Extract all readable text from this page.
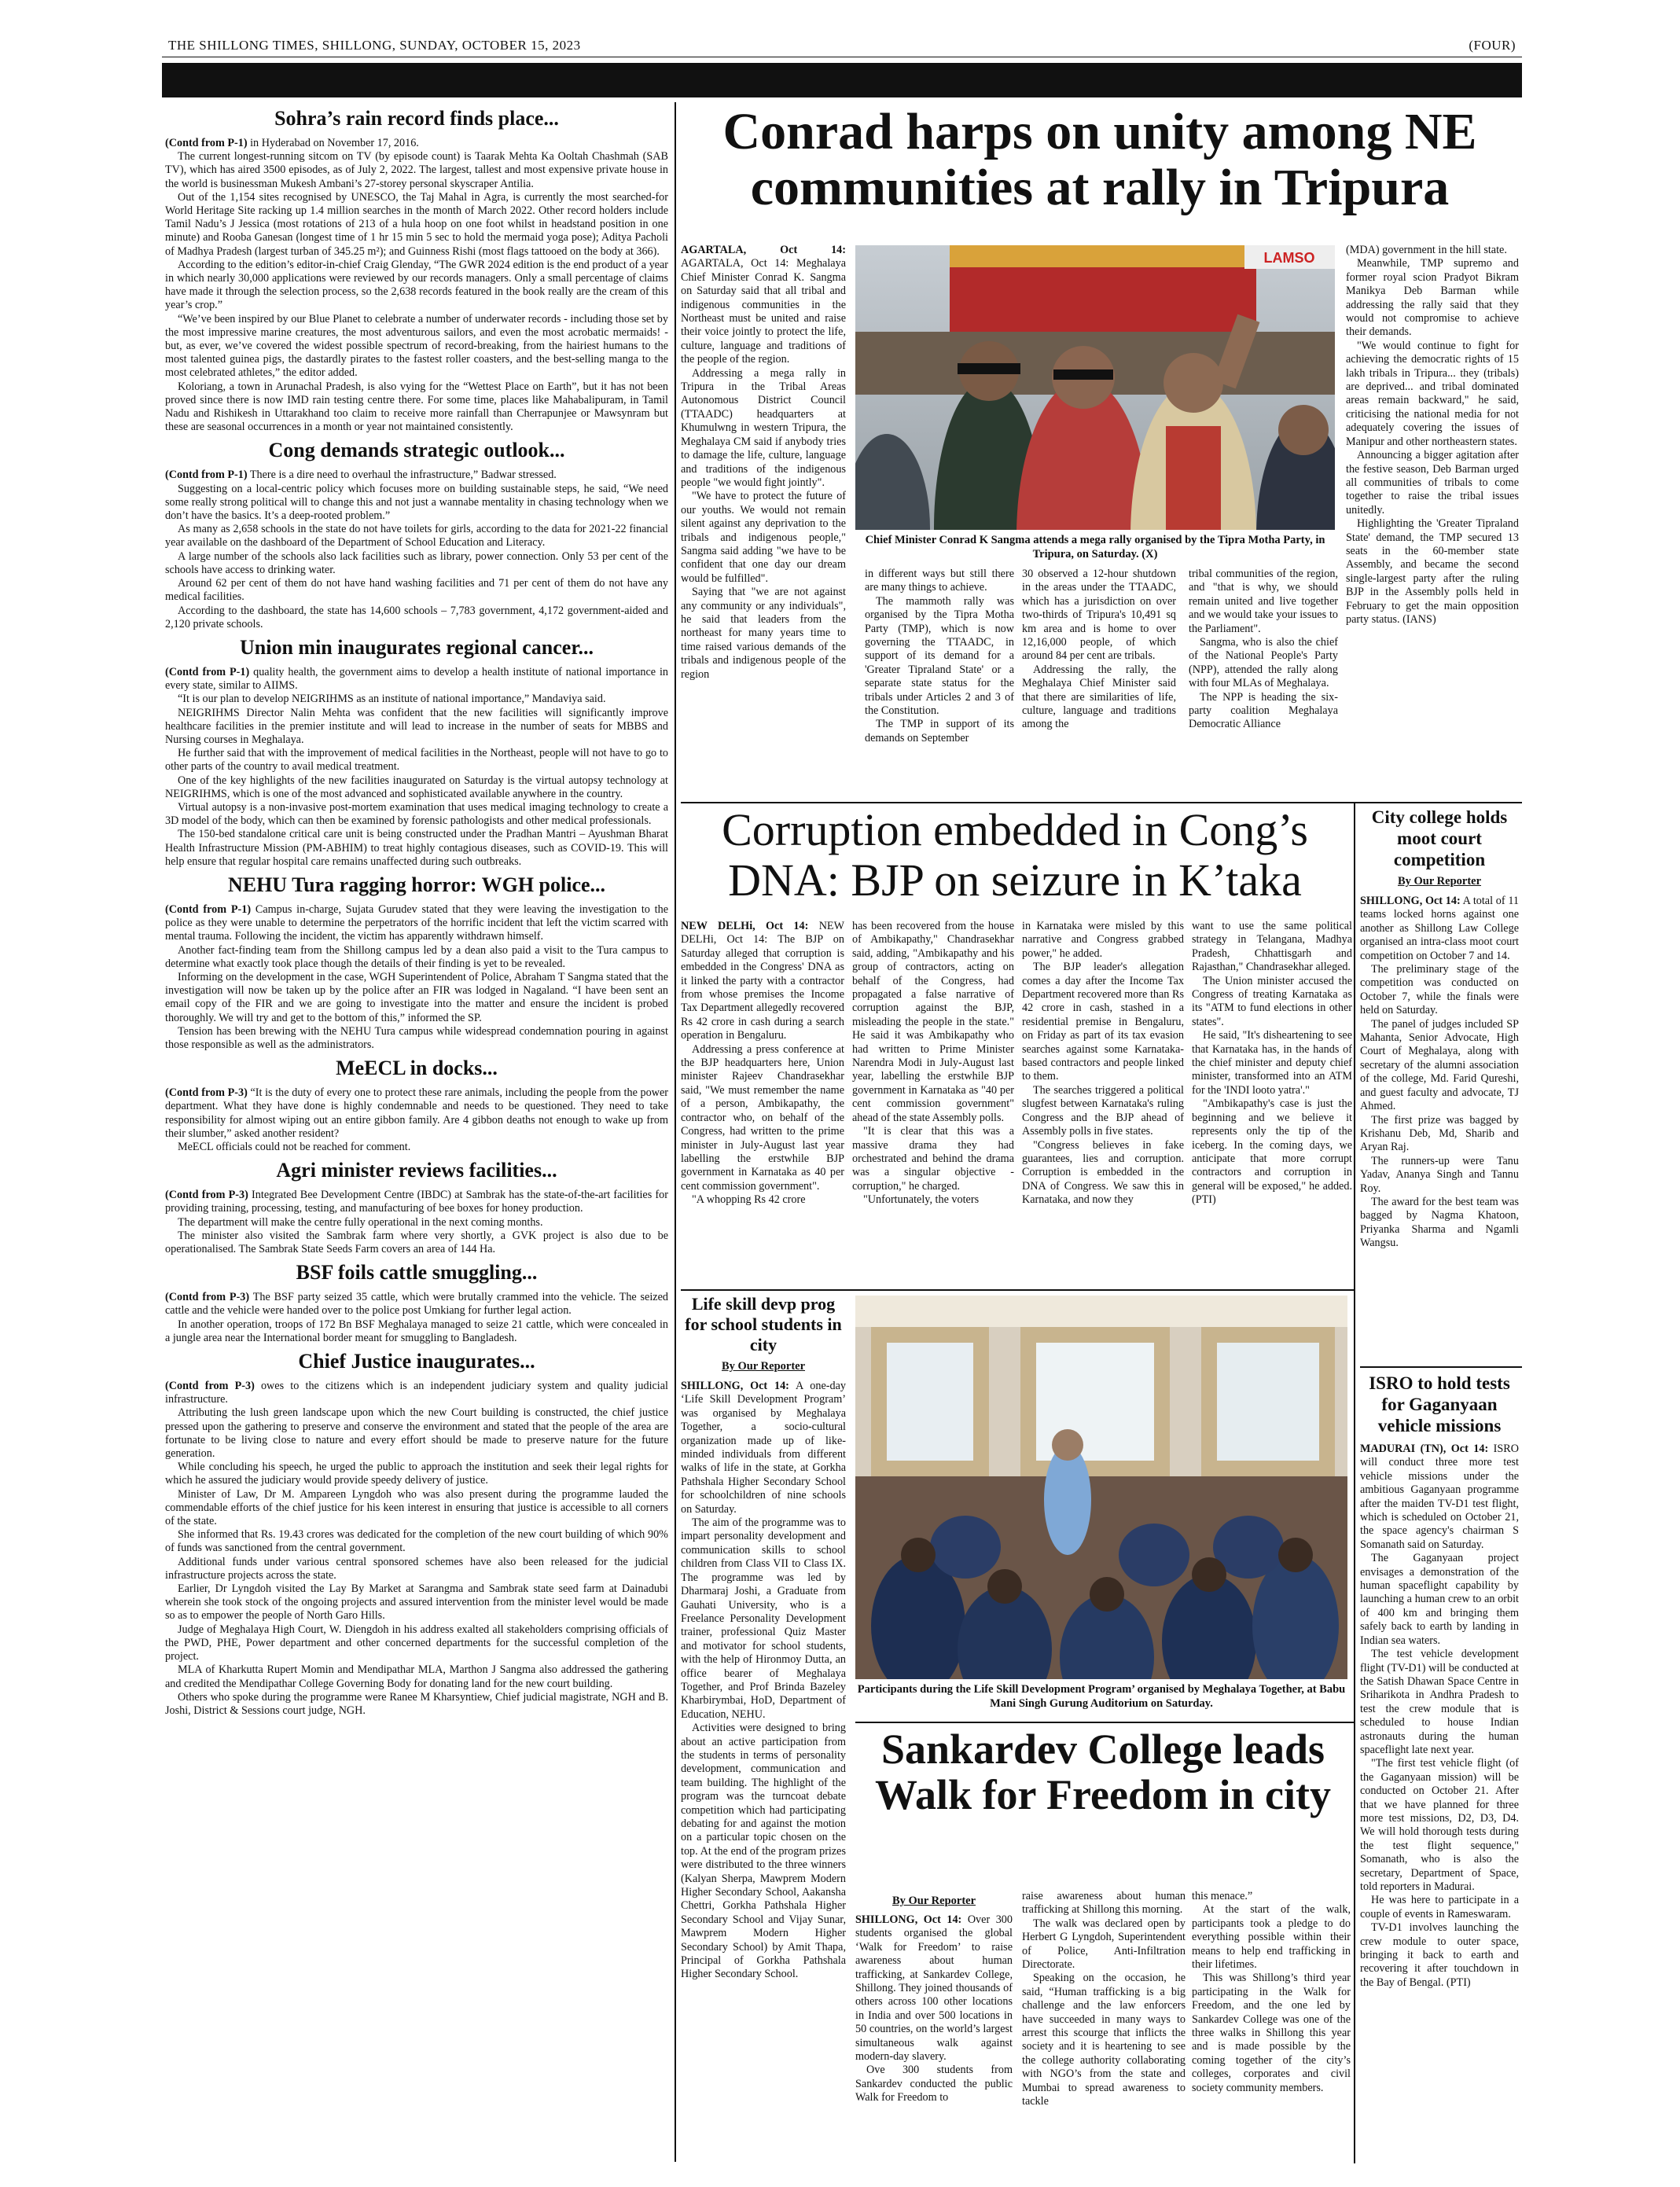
THE SHILLONG TIMES, SHILLONG, SUNDAY, OCTOBER 15, 2023	(FOUR)
Sohra’s rain record finds place...
(Contd from P-1) in Hyderabad on November 17, 2016.
The current longest-running sitcom on TV (by episode count) is Taarak Mehta Ka Ooltah Chashmah (SAB TV), which has aired 3500 episodes, as of July 2, 2022. The largest, tallest and most expensive private house in the world is businessman Mukesh Ambani’s 27-storey personal skyscraper Antilia.
Out of the 1,154 sites recognised by UNESCO, the Taj Mahal in Agra, is currently the most searched-for World Heritage Site racking up 1.4 million searches in the month of March 2022. Other record holders include Tamil Nadu’s J Jessica (most rotations of 213 of a hula hoop on one foot whilst in headstand position in one minute) and Rooba Ganesan (longest time of 1 hr 15 min 5 sec to hold the mermaid yoga pose); Aditya Pacholi of Madhya Pradesh (largest turban of 345.25 m²); and Guinness Rishi (most flags tattooed on the body at 366).
According to the edition’s editor-in-chief Craig Glenday, “The GWR 2024 edition is the end product of a year in which nearly 30,000 applications were reviewed by our records managers. Only a small percentage of claims have made it through the selection process, so the 2,638 records featured in the book really are the cream of this year’s crop.”
“We’ve been inspired by our Blue Planet to celebrate a number of underwater records - including those set by the most impressive marine creatures, the most adventurous sailors, and even the most acrobatic mermaids! - but, as ever, we’ve covered the widest possible spectrum of record-breaking, from the hairiest humans to the most talented guinea pigs, the dastardly pirates to the fastest roller coasters, and the best-selling manga to the most celebrated athletes,” the editor added.
Koloriang, a town in Arunachal Pradesh, is also vying for the “Wettest Place on Earth”, but it has not been proved since there is now IMD rain testing centre there. For some time, places like Mahabalipuram, in Tamil Nadu and Rishikesh in Uttarakhand too claim to receive more rainfall than Cherrapunjee or Mawsynram but these are seasonal occurrences in a month or year not maintained consistently.
Cong demands strategic outlook...
(Contd from P-1) There is a dire need to overhaul the infrastructure,” Badwar stressed.
Suggesting on a local-centric policy which focuses more on building sustainable steps, he said, “We need some really strong political will to change this and not just a wannabe mentality in chasing technology when we don’t have the basics. It’s a deep-rooted problem.”
As many as 2,658 schools in the state do not have toilets for girls, according to the data for 2021-22 financial year available on the dashboard of the Department of School Education and Literacy.
A large number of the schools also lack facilities such as library, power connection. Only 53 per cent of the schools have access to drinking water.
Around 62 per cent of them do not have hand washing facilities and 71 per cent of them do not have any medical facilities.
According to the dashboard, the state has 14,600 schools – 7,783 government, 4,172 government-aided and 2,120 private schools.
Union min inaugurates regional cancer...
(Contd from P-1) quality health, the government aims to develop a health institute of national importance in every state, similar to AIIMS.
“It is our plan to develop NEIGRIHMS as an institute of national importance,” Mandaviya said.
NEIGRIHMS Director Nalin Mehta was confident that the new facilities will significantly improve healthcare facilities in the premier institute and will lead to increase in the number of seats for MBBS and Nursing courses in Meghalaya.
He further said that with the improvement of medical facilities in the Northeast, people will not have to go to other parts of the country to avail medical treatment.
One of the key highlights of the new facilities inaugurated on Saturday is the virtual autopsy technology at NEIGRIHMS, which is one of the most advanced and sophisticated available anywhere in the country.
Virtual autopsy is a non-invasive post-mortem examination that uses medical imaging technology to create a 3D model of the body, which can then be examined by forensic pathologists and other medical professionals.
The 150-bed standalone critical care unit is being constructed under the Pradhan Mantri – Ayushman Bharat Health Infrastructure Mission (PM-ABHIM) to treat highly contagious diseases, such as COVID-19. This will help ensure that regular hospital care remains unaffected during such outbreaks.
NEHU Tura ragging horror: WGH police...
(Contd from P-1) Campus in-charge, Sujata Gurudev stated that they were leaving the investigation to the police as they were unable to determine the perpetrators of the horrific incident that left the victim scarred with mental trauma. Following the incident, the victim has apparently withdrawn himself.
Another fact-finding team from the Shillong campus led by a dean also paid a visit to the Tura campus to determine what exactly took place though the details of their finding is yet to be revealed.
Informing on the development in the case, WGH Superintendent of Police, Abraham T Sangma stated that the investigation will now be taken up by the police after an FIR was lodged in Nagaland. “I have been sent an email copy of the FIR and we are going to investigate into the matter and ensure the incident is probed thoroughly. We will try and get to the bottom of this,” informed the SP.
Tension has been brewing with the NEHU Tura campus while widespread condemnation pouring in against those responsible as well as the administrators.
MeECL in docks...
(Contd from P-3) “It is the duty of every one to protect these rare animals, including the people from the power department. What they have done is highly condemnable and needs to be questioned. They need to take responsibility for almost wiping out an entire gibbon family. Are 4 gibbon deaths not enough to wake up from their slumber,” asked another resident?
MeECL officials could not be reached for comment.
Agri minister reviews facilities...
(Contd from P-3) Integrated Bee Development Centre (IBDC) at Sambrak has the state-of-the-art facilities for providing training, processing, testing, and manufacturing of bee boxes for honey production.
The department will make the centre fully operational in the next coming months.
The minister also visited the Sambrak farm where very shortly, a GVK project is also due to be operationalised. The Sambrak State Seeds Farm covers an area of 144 Ha.
BSF foils cattle smuggling...
(Contd from P-3) The BSF party seized 35 cattle, which were brutally crammed into the vehicle. The seized cattle and the vehicle were handed over to the police post Umkiang for further legal action.
In another operation, troops of 172 Bn BSF Meghalaya managed to seize 21 cattle, which were concealed in a jungle area near the International border meant for smuggling to Bangladesh.
Chief Justice inaugurates...
(Contd from P-3) owes to the citizens which is an independent judiciary system and quality judicial infrastructure.
Attributing the lush green landscape upon which the new Court building is constructed, the chief justice pressed upon the gathering to preserve and conserve the environment and stated that the people of the area are fortunate to be living close to nature and every effort should be made to preserve nature for the future generation.
While concluding his speech, he urged the public to approach the institution and seek their legal rights for which he assured the judiciary would provide speedy delivery of justice.
Minister of Law, Dr M. Ampareen Lyngdoh who was also present during the programme lauded the commendable efforts of the chief justice for his keen interest in ensuring that justice is accessible to all corners of the state.
She informed that Rs. 19.43 crores was dedicated for the completion of the new court building of which 90% of funds was sanctioned from the central government.
Additional funds under various central sponsored schemes have also been released for the judicial infrastructure projects across the state.
Earlier, Dr Lyngdoh visited the Lay By Market at Sarangma and Sambrak state seed farm at Dainadubi wherein she took stock of the ongoing projects and assured intervention from the minister level would be made so as to empower the people of North Garo Hills.
Judge of Meghalaya High Court, W. Diengdoh in his address exalted all stakeholders comprising officials of the PWD, PHE, Power department and other concerned departments for the successful completion of the project.
MLA of Kharkutta Rupert Momin and Mendipathar MLA, Marthon J Sangma also addressed the gathering and credited the Mendipathar College Governing Body for donating land for the new court building.
Others who spoke during the programme were Ranee M Kharsyntiew, Chief judicial magistrate, NGH and B. Joshi, District & Sessions court judge, NGH.
Conrad harps on unity among NE communities at rally in Tripura

AGARTALA, Oct 14: AGARTALA, Oct 14: Meghalaya Chief Minister Conrad K. Sangma on Saturday said that all tribal and indigenous communities in the Northeast must be united and raise their voice jointly to protect the life, culture, language and traditions of the people of the region.

Addressing a mega rally in Tripura in the Tribal Areas Autonomous District Council (TTAADC) headquarters at Khumulwng in western Tripura, the Meghalaya CM said if anybody tries to damage the life, culture, language and traditions of the indigenous people "we would fight jointly".

"We have to protect the future of our youths. We would not remain silent against any deprivation to the tribals and indigenous people," Sangma said adding "we have to be confident that one day our dream would be fulfilled".

Saying that "we are not against any community or any individuals", he said that leaders from the northeast for many years time to time raised various demands of the tribals and indigenous people of the region

LAMSO
Chief Minister Conrad K Sangma attends a mega rally organised by the Tipra Motha Party, in Tripura, on Saturday. (X)

in different ways but still there are many things to achieve.

The mammoth rally was organised by the Tipra Motha Party (TMP), which is now governing the TTAADC, in support of its demand for a 'Greater Tipraland State' or a separate state status for the tribals under Articles 2 and 3 of the Constitution.

The TMP in support of its demands on September

30 observed a 12-hour shutdown in the areas under the TTAADC, which has a jurisdiction on over two-thirds of Tripura's 10,491 sq km area and is home to over 12,16,000 people, of which around 84 per cent are tribals.

Addressing the rally, the Meghalaya Chief Minister said that there are similarities of life, culture, language and traditions among the

tribal communities of the region, and "that is why, we should remain united and live together and we would take your issues to the Parliament".

Sangma, who is also the chief of the National People's Party (NPP), attended the rally along with four MLAs of Meghalaya.

The NPP is heading the six-party coalition Meghalaya Democratic Alliance

(MDA) government in the hill state.

Meanwhile, TMP supremo and former royal scion Pradyot Bikram Manikya Deb Barman while addressing the rally said that they would not compromise to achieve their demands.

"We would continue to fight for achieving the democratic rights of 15 lakh tribals in Tripura... they (tribals) are deprived... and tribal dominated areas remain backward," he said, criticising the national media for not adequately covering the issues of Manipur and other northeastern states.

Announcing a bigger agitation after the festive season, Deb Barman urged all communities of tribals to come together to raise the tribal issues unitedly.

Highlighting the 'Greater Tipraland State' demand, the TMP secured 13 seats in the 60-member state Assembly, and became the second single-largest party after the ruling BJP in the Assembly polls held in February to get the main opposition party status. (IANS)

Corruption embedded in Cong’s DNA: BJP on seizure in K’taka

NEW DELHi, Oct 14: NEW DELHi, Oct 14: The BJP on Saturday alleged that corruption is embedded in the Congress' DNA as it linked the party with a contractor from whose premises the Income Tax Department allegedly recovered Rs 42 crore in cash during a search operation in Bengaluru.

Addressing a press conference at the BJP headquarters here, Union minister Rajeev Chandrasekhar said, "We must remember the name of a person, Ambikapathy, the contractor who, on behalf of the Congress, had written to the prime minister in July-August last year labelling the erstwhile BJP government in Karnataka as 40 per cent commission government".

"A whopping Rs 42 crore

has been recovered from the house of Ambikapathy," Chandrasekhar said, adding, "Ambikapathy and his group of contractors, acting on behalf of the Congress, had propagated a false narrative of corruption against the BJP, misleading the people in the state." He said it was Ambikapathy who had written to Prime Minister Narendra Modi in July-August last year, labelling the erstwhile BJP government in Karnataka as "40 per cent commission government" ahead of the state Assembly polls.

"It is clear that this was a massive drama they had orchestrated and behind the drama was a singular objective - corruption," he charged.

"Unfortunately, the voters

in Karnataka were misled by this narrative and Congress grabbed power," he added.

The BJP leader's allegation comes a day after the Income Tax Department recovered more than Rs 42 crore in cash, stashed in a residential premise in Bengaluru, on Friday as part of its tax evasion searches against some Karnataka-based contractors and people linked to them.

The searches triggered a political slugfest between Karnataka's ruling Congress and the BJP ahead of Assembly polls in five states.

"Congress believes in fake guarantees, lies and corruption. Corruption is embedded in the DNA of Congress. We saw this in Karnataka, and now they

want to use the same political strategy in Telangana, Madhya Pradesh, Chhattisgarh and Rajasthan," Chandrasekhar alleged.

The Union minister accused the Congress of treating Karnataka as its "ATM to fund elections in other states".

He said, "It's disheartening to see that Karnataka has, in the hands of the chief minister and deputy chief minister, transformed into an ATM for the 'INDI looto yatra'."

"Ambikapathy's case is just the beginning and we believe it represents only the tip of the iceberg. In the coming days, we anticipate that more corrupt contractors and corruption in general will be exposed," he added. (PTI)

City college holds moot court competition
By Our Reporter

SHILLONG, Oct 14: A total of 11 teams locked horns against one another as Shillong Law College organised an intra-class moot court competition on October 7 and 14.

The preliminary stage of the competition was conducted on October 7, while the finals were held on Saturday.

The panel of judges included SP Mahanta, Senior Advocate, High Court of Meghalaya, along with secretary of the alumni association of the college, Md. Farid Qureshi, and guest faculty and advocate, TJ Ahmed.

The first prize was bagged by Krishanu Deb, Md, Sharib and Aryan Raj.

The runners-up were Tanu Yadav, Ananya Singh and Tannu Roy.

The award for the best team was bagged by Nagma Khatoon, Priyanka Sharma and Ngamli Wangsu.

ISRO to hold tests for Gaganyaan vehicle missions

MADURAI (TN), Oct 14: ISRO will conduct three more test vehicle missions under the ambitious Gaganyaan programme after the maiden TV-D1 test flight, which is scheduled on October 21, the space agency's chairman S Somanath said on Saturday.

The Gaganyaan project envisages a demonstration of the human spaceflight capability by launching a human crew to an orbit of 400 km and bringing them safely back to earth by landing in Indian sea waters.

The test vehicle development flight (TV-D1) will be conducted at the Satish Dhawan Space Centre in Sriharikota in Andhra Pradesh to test the crew module that is scheduled to house Indian astronauts during the human spaceflight late next year.

"The first test vehicle flight (of the Gaganyaan mission) will be conducted on October 21. After that we have planned for three more test missions, D2, D3, D4. We will hold thorough tests during the test flight sequence," Somanath, who is also the secretary, Department of Space, told reporters in Madurai.

He was here to participate in a couple of events in Rameswaram.

TV-D1 involves launching the crew module to outer space, bringing it back to earth and recovering it after touchdown in the Bay of Bengal. (PTI)

Life skill devp prog for school students in city
By Our Reporter

SHILLONG, Oct 14: A one-day ‘Life Skill Development Program’ was organised by Meghalaya Together, a socio-cultural organization made up of like-minded individuals from different walks of life in the state, at Gorkha Pathshala Higher Secondary School for schoolchildren of nine schools on Saturday.

The aim of the programme was to impart personality development and communication skills to school children from Class VII to Class IX. The programme was led by Dharmaraj Joshi, a Graduate from Gauhati University, who is a Freelance Personality Development trainer, professional Quiz Master and motivator for school students, with the help of Hironmoy Dutta, an office bearer of Meghalaya Together, and Prof Brinda Bazeley Kharbirymbai, HoD, Department of Education, NEHU.

Activities were designed to bring about an active participation from the students in terms of personality development, communication and team building. The highlight of the program was the turncoat debate competition which had participating debating for and against the motion on a particular topic chosen on the top. At the end of the program prizes were distributed to the three winners (Kalyan Sherpa, Mawprem Modern Higher Secondary School, Aakansha Chettri, Gorkha Pathshala Higher Secondary School and Vijay Sunar, Mawprem Modern Higher Secondary School) by Amit Thapa, Principal of Gorkha Pathshala Higher Secondary School.

Participants during the Life Skill Development Program’ organised by Meghalaya Together, at Babu Mani Singh Gurung Auditorium on Saturday.
Sankardev College leads Walk for Freedom in city
By Our Reporter

SHILLONG, Oct 14: Over 300 students organised the global ‘Walk for Freedom’ to raise awareness about human trafficking, at Sankardev College, Shillong. They joined thousands of others across 100 other locations in India and over 500 locations in 50 countries, on the world’s largest simultaneous walk against modern-day slavery.

Ove 300 students from Sankardev conducted the public Walk for Freedom to

raise awareness about human trafficking at Shillong this morning.

The walk was declared open by Herbert G Lyngdoh, Superintendent of Police, Anti-Infiltration Directorate.

Speaking on the occasion, he said, “Human trafficking is a big challenge and the law enforcers have succeeded in many ways to arrest this scourge that inflicts the society and it is heartening to see the college authority collaborating with NGO’s from the state and Mumbai to spread awareness to tackle

this menace.”

At the start of the walk, participants took a pledge to do everything possible within their means to help end trafficking in their lifetimes.

This was Shillong’s third year participating in the Walk for Freedom, and the one led by Sankardev College was one of the three walks in Shillong this year and is made possible by the coming together of the city’s colleges, corporates and civil society community members.
